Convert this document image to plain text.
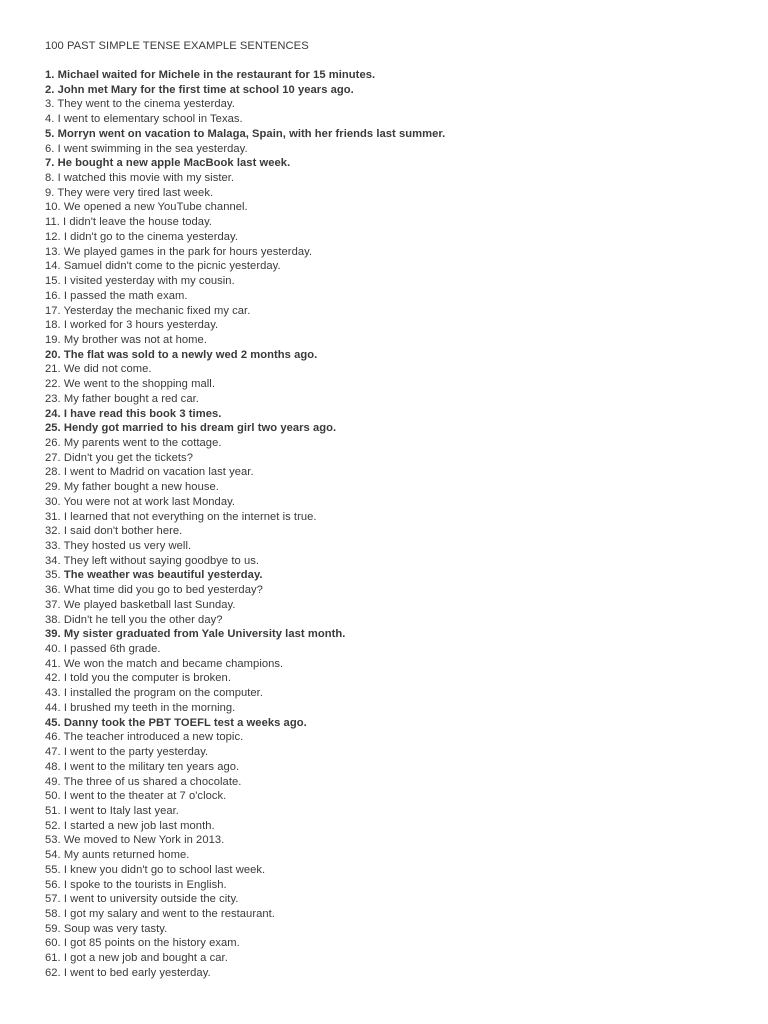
100 PAST SIMPLE TENSE EXAMPLE SENTENCES
1. Michael waited for Michele in the restaurant for 15 minutes.
2. John met Mary for the first time at school 10 years ago.
3. They went to the cinema yesterday.
4. I went to elementary school in Texas.
5. Morryn went on vacation to Malaga, Spain, with her friends last summer.
6. I went swimming in the sea yesterday.
7. He bought a new apple MacBook last week.
8. I watched this movie with my sister.
9. They were very tired last week.
10. We opened a new YouTube channel.
11. I didn't leave the house today.
12. I didn't go to the cinema yesterday.
13. We played games in the park for hours yesterday.
14. Samuel didn't come to the picnic yesterday.
15. I visited yesterday with my cousin.
16. I passed the math exam.
17. Yesterday the mechanic fixed my car.
18. I worked for 3 hours yesterday.
19. My brother was not at home.
20. The flat was sold to a newly wed 2 months ago.
21. We did not come.
22. We went to the shopping mall.
23. My father bought a red car.
24. I have read this book 3 times.
25. Hendy got married to his dream girl two years ago.
26. My parents went to the cottage.
27. Didn't you get the tickets?
28. I went to Madrid on vacation last year.
29. My father bought a new house.
30. You were not at work last Monday.
31. I learned that not everything on the internet is true.
32. I said don't bother here.
33. They hosted us very well.
34. They left without saying goodbye to us.
35. The weather was beautiful yesterday.
36. What time did you go to bed yesterday?
37. We played basketball last Sunday.
38. Didn't he tell you the other day?
39. My sister graduated from Yale University last month.
40. I passed 6th grade.
41. We won the match and became champions.
42. I told you the computer is broken.
43. I installed the program on the computer.
44. I brushed my teeth in the morning.
45. Danny took the PBT TOEFL test a weeks ago.
46. The teacher introduced a new topic.
47. I went to the party yesterday.
48. I went to the military ten years ago.
49. The three of us shared a chocolate.
50. I went to the theater at 7 o'clock.
51. I went to Italy last year.
52. I started a new job last month.
53. We moved to New York in 2013.
54. My aunts returned home.
55. I knew you didn't go to school last week.
56. I spoke to the tourists in English.
57. I went to university outside the city.
58. I got my salary and went to the restaurant.
59. Soup was very tasty.
60. I got 85 points on the history exam.
61. I got a new job and bought a car.
62. I went to bed early yesterday.
